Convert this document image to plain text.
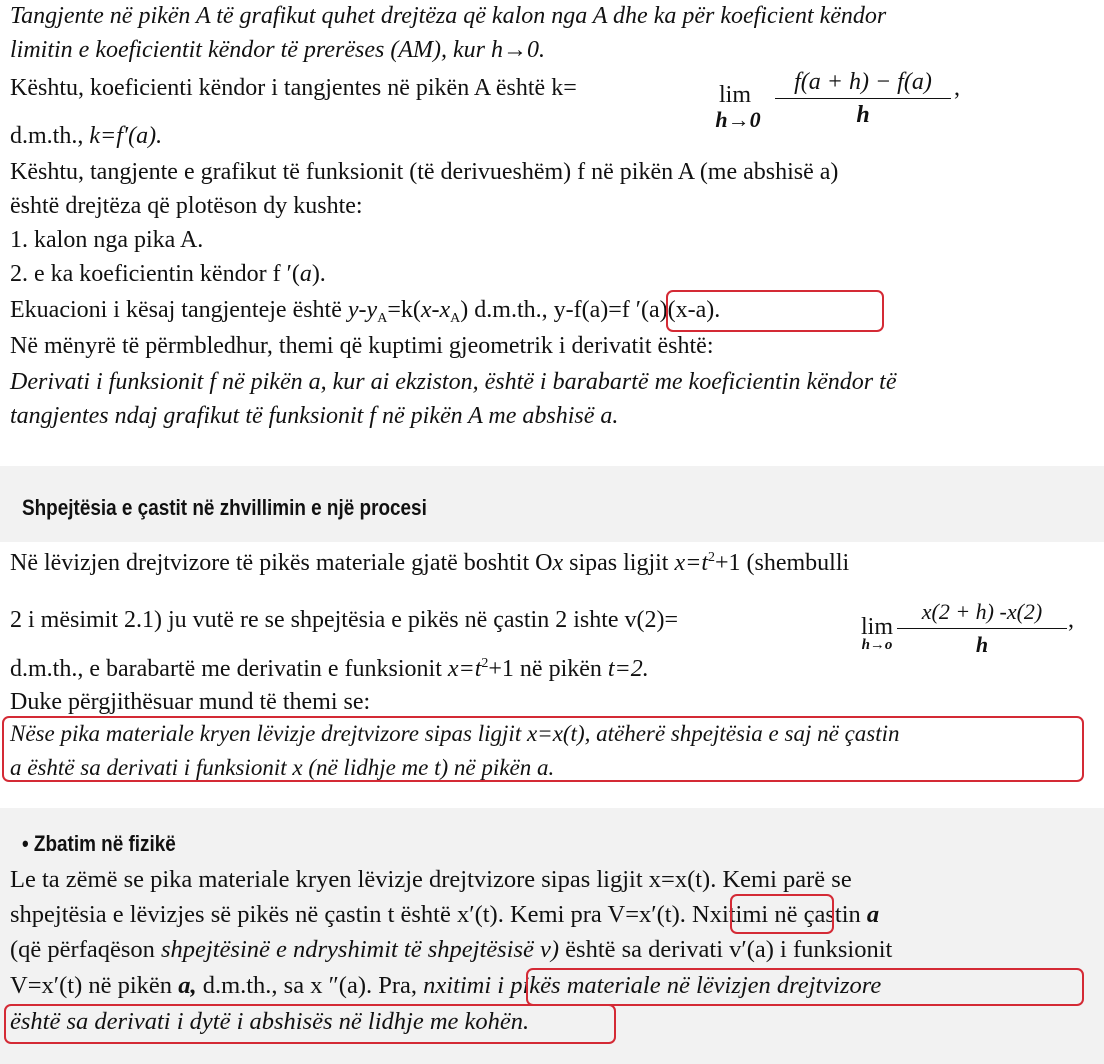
Tangjente në pikën A të grafikut quhet drejtëza që kalon nga A dhe ka për koeficient këndor
limitin e koeficientit këndor të prerëses (AM), kur h→0.
Kështu, koeficienti këndor i tangjentes në pikën A është k=	lim
$h\to 0 \frac{f(a + h) - f(a)}{h}$ ,
d.m.th., k=f′(a).
Kështu, tangjente e grafikut të funksionit (të derivueshëm) f në pikën A (me abshisë a)
është drejtëza që plotëson dy kushte:
1. kalon nga pika A.
2. e ka koeficientin këndor f ′(a).
Ekuacioni i kësaj tangjenteje është $y-y_A=k(x-x_A)$ d.m.th., y-f(a)=f ′(a)(x-a).
Në mënyrë të përmbledhur, themi që kuptimi gjeometrik i derivatit është:
Derivati i funksionit f në pikën a, kur ai ekziston, është i barabartë me koeficientin këndor të
tangjentes ndaj grafikut të funksionit f në pikën A me abshisë a.
Shpejtësia e çastit në zhvillimin e një procesi
Në lëvizjen drejtvizore të pikës materiale gjatë boshtit Ox sipas ligjit $x=t^2+1$ (shembulli
2 i mësimit 2.1) ju vutë re se shpejtësia e pikës në çastin 2 ishte v(2)=	lim
$h\to o \frac{x(2 + h) -x(2)}{h}$ ,
d.m.th., e barabartë me derivatin e funksionit $x=t^2+1$ në pikën t=2.
Duke përgjithësuar mund të themi se:
Nëse pika materiale kryen lëvizje drejtvizore sipas ligjit x=x(t), atëherë shpejtësia e saj në çastin
a është sa derivati i funksionit x (në lidhje me t) në pikën a.
• Zbatim në fizikë
Le ta zëmë se pika materiale kryen lëvizje drejtvizore sipas ligjit x=x(t). Kemi parë se
shpejtësia e lëvizjes së pikës në çastin t është x′(t). Kemi pra V=x′(t). Nxitimi në çastin a
(që përfaqëson shpejtësinë e ndryshimit të shpejtësisë v) është sa derivati v′(a) i funksionit
V=x′(t) në pikën a, d.m.th., sa x ″(a). Pra, nxitimi i pikës materiale në lëvizjen drejtvizore
është sa derivati i dytë i abshisës në lidhje me kohën.
